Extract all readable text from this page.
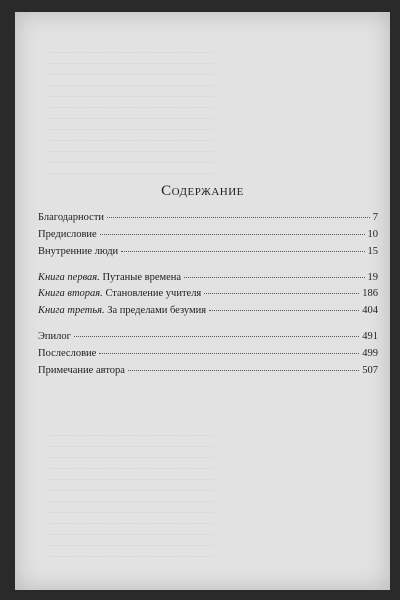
................................................................................
................................................................................
................................................................................
................................................................................
................................................................................
................................................................................
................................................................................
................................................................................
................................................................................
................................................................................
................................................................................
................................................................................

................................................................................
................................................................................
................................................................................
................................................................................
................................................................................
................................................................................
................................................................................
................................................................................
................................................................................
................................................................................
................................................................................
................................................................................

Содержание
Благодарности	7
Предисловие	10
Внутренние люди	15
Книга первая. Путаные времена	19
Книга вторая. Становление учителя	186
Книга третья. За пределами безумия	404
Эпилог	491
Послесловие	499
Примечание автора	507
